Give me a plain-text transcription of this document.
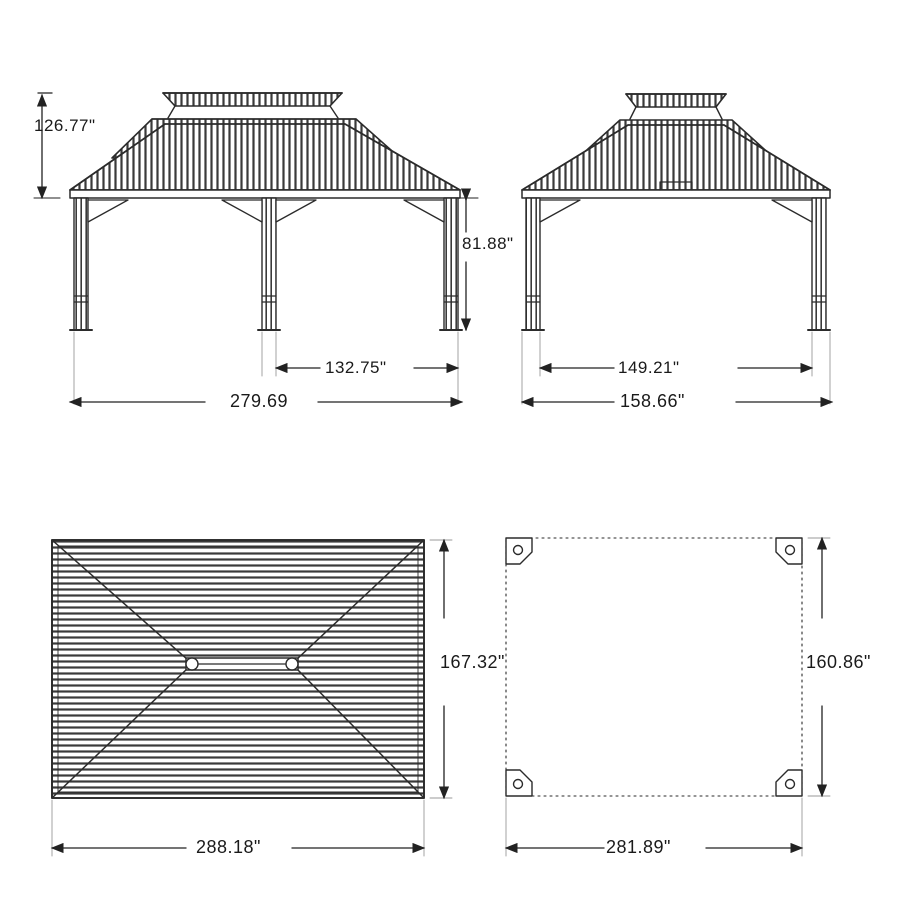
126.77"
81.88"
132.75"
279.69
149.21"
158.66"
167.32"
288.18"
160.86"
281.89"
